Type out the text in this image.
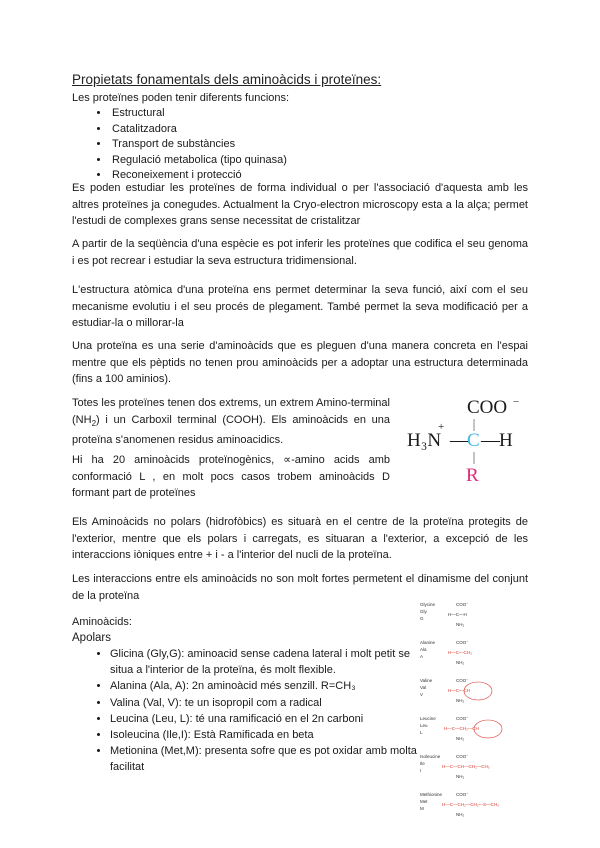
Propietats fonamentals dels aminoàcids i proteïnes:
Les proteïnes poden tenir diferents funcions:
• Estructural
• Catalitzadora
• Transport de substàncies
• Regulació metabolica (tipo quinasa)
• Reconeixement i protecció
Es poden estudiar les proteïnes de forma individual o per l'associació d'aquesta amb les altres proteïnes ja conegudes. Actualment la Cryo-electron microscopy esta a la alça; permet l'estudi de complexes grans sense necessitat de cristalitzar
A partir de la seqüència d'una espècie es pot inferir les proteïnes que codifica el seu genoma i es pot recrear i estudiar la seva estructura tridimensional.
L'estructura atòmica d'una proteïna ens permet determinar la seva funció, així com el seu mecanisme evolutiu i el seu procés de plegament. També permet la seva modificació per a estudiar-la o millorar-la
Una proteïna es una serie d'aminoàcids que es pleguen d'una manera concreta en l'espai mentre que els pèptids no tenen prou aminoàcids per a adoptar una estructura determinada (fins a 100 aminios).
Totes les proteïnes tenen dos extrems, un extrem Amino-terminal $(NH_2)$ i un Carboxil terminal (COOH). Els aminoàcids en una proteïna s'anomenen residus aminoacidics.
Hi ha 20 aminoàcids proteïnogènics, ∝-amino acids amb conformació L , en molt pocs casos trobem aminoàcids D formant part de proteïnes
COO −
+
H₃N —
C — H
R
Els Aminoàcids no polars (hidrofòbics) es situarà en el centre de la proteïna protegits de l'exterior, mentre que els polars i carregats, es situaran a l'exterior, a excepció de les interaccions iòniques entre + i - a l'interior del nucli de la proteïna.
Les interaccions entre els aminoàcids no son molt fortes permetent el dinamisme del conjunt de la proteïna
Aminoàcids:
Apolars
• Glicina (Gly,G): aminoacid sense cadena lateral i molt petit se situa a l'interior de la proteïna, és molt flexible.
• Alanina (Ala, A): 2n aminoàcid més senzill. R=CH₃
• Valina (Val, V): te un isopropil com a radical
• Leucina (Leu, L): té una ramificació en el 2n carboni
• Isoleucina (Ile,I): Està Ramificada en beta
• Metionina (Met,M): presenta sofre que es pot oxidar amb molta facilitat
Glycine
Gly
G
COO⁻
H—C—H
NH₂
Alanine
Ala
A
COO⁻
H—C—CH₃
NH₂
Valine
Val
V
COO⁻
H—C—CH
NH₂
Leucine
Leu
L
COO⁻
H—C—CH₂—CH
NH₂
Isoleucine
Ile
I
COO⁻
H—C—CH—CH₂—CH₃
NH₂
Methionine
Met
M
COO⁻
H—C—CH₂—CH₂—S—CH₃
NH₂
